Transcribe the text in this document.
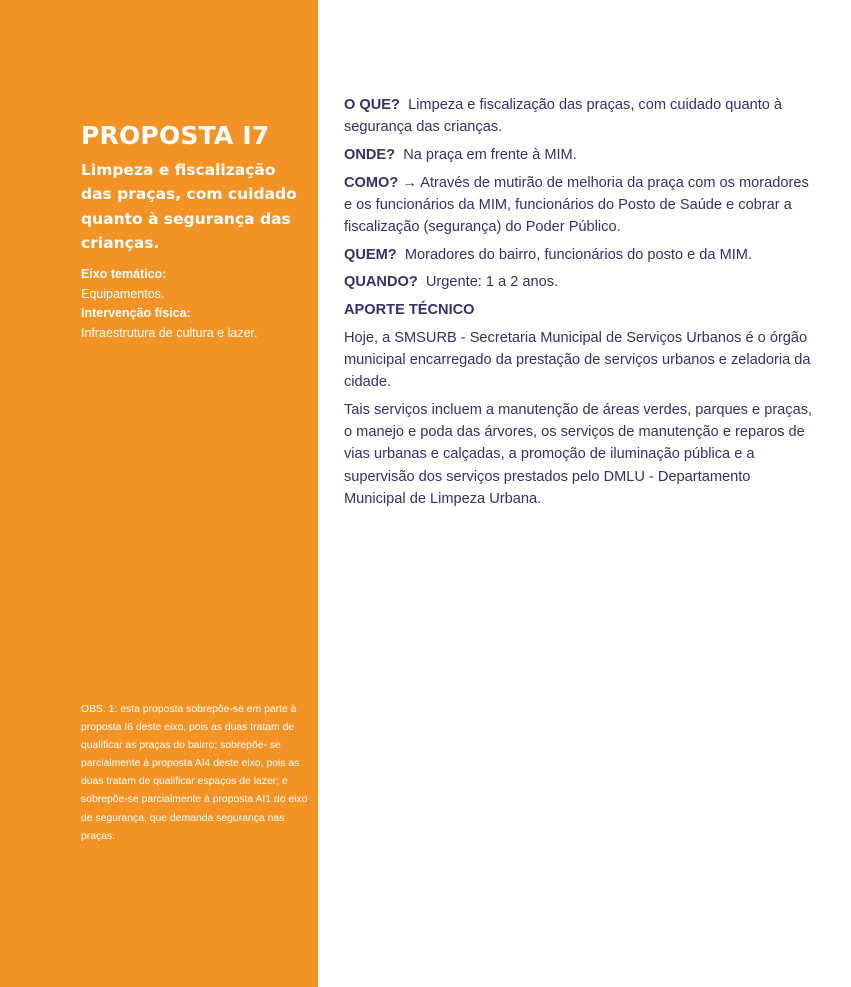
PROPOSTA I7
Limpeza e fiscalização das praças, com cuidado quanto à segurança das crianças.
Eixo temático:
Equipamentos.
Intervenção física:
Infraestrutura de cultura e lazer.

OBS. 1: esta proposta sobrepõe-se em parte à proposta I6 deste eixo, pois as duas tratam de qualificar as praças do bairro; sobrepõe- se parcialmente à proposta AI4 deste eixo, pois as duas tratam de qualificar espaços de lazer; e sobrepõe-se parcialmente à proposta AI1 do eixo de segurança, que demanda segurança nas praças.

O QUE? Limpeza e fiscalização das praças, com cuidado quanto à segurança das crianças.

ONDE? Na praça em frente à MIM.

COMO? → Através de mutirão de melhoria da praça com os moradores e os funcionários da MIM, funcionários do Posto de Saúde e cobrar a fiscalização (segurança) do Poder Público.

QUEM? Moradores do bairro, funcionários do posto e da MIM.

QUANDO? Urgente: 1 a 2 anos.

APORTE TÉCNICO

Hoje, a SMSURB - Secretaria Municipal de Serviços Urbanos é o órgão municipal encarregado da prestação de serviços urbanos e zeladoria da cidade.

Tais serviços incluem a manutenção de áreas verdes, parques e praças, o manejo e poda das árvores, os serviços de manutenção e reparos de vias urbanas e calçadas, a promoção de iluminação pública e a supervisão dos serviços prestados pelo DMLU - Departamento Municipal de Limpeza Urbana.
